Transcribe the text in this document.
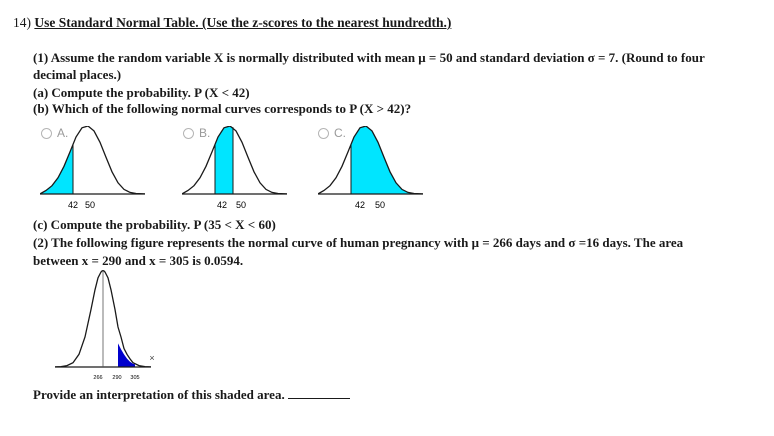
14) Use Standard Normal Table. (Use the z-scores to the nearest hundredth.)
(1) Assume the random variable X is normally distributed with mean μ = 50 and standard deviation σ = 7. (Round to four
decimal places.)
(a) Compute the probability. P (X < 42)
(b) Which of the following normal curves corresponds to P (X > 42)?
A.	B.	C.
42 50	42 50	42 50
(c) Compute the probability. P (35 < X < 60)
(2) The following figure represents the normal curve of human pregnancy with μ = 266 days and σ =16 days. The area
between x = 290 and x = 305 is 0.0594.
266 290 305
×
Provide an interpretation of this shaded area.
